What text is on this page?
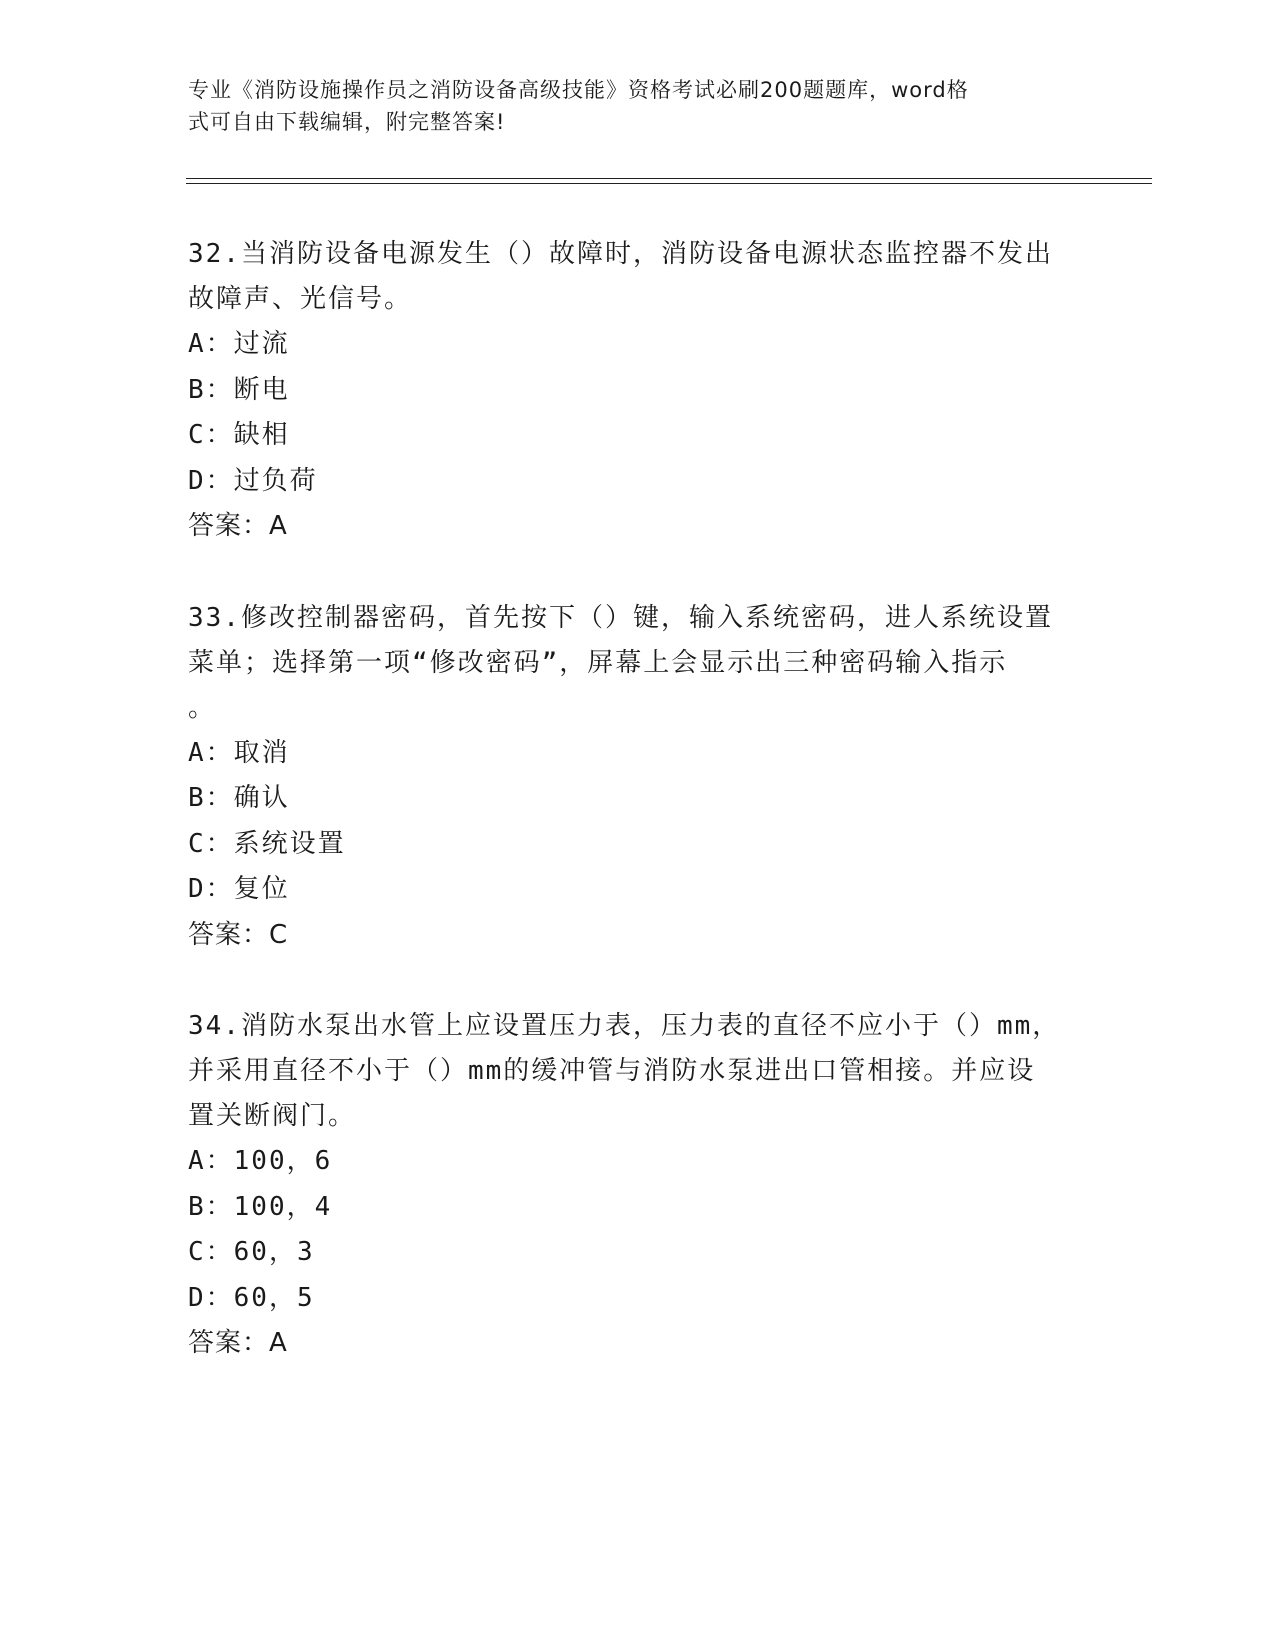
专业《消防设施操作员之消防设备高级技能》资格考试必刷200题题库，word格
式可自由下载编辑，附完整答案!

32.当消防设备电源发生（）故障时，消防设备电源状态监控器不发出

故障声、光信号。

A：过流

B：断电

C：缺相

D：过负荷

答案：A

33.修改控制器密码，首先按下（）键，输入系统密码，进人系统设置

菜单；选择第一项“修改密码”，屏幕上会显示出三种密码输入指示

。

A：取消

B：确认

C：系统设置

D：复位

答案：C

34.消防水泵出水管上应设置压力表，压力表的直径不应小于（）mm，

并采用直径不小于（）mm的缓冲管与消防水泵进出口管相接。并应设

置关断阀门。

A：100，6

B：100，4

C：60，3

D：60，5

答案：A
